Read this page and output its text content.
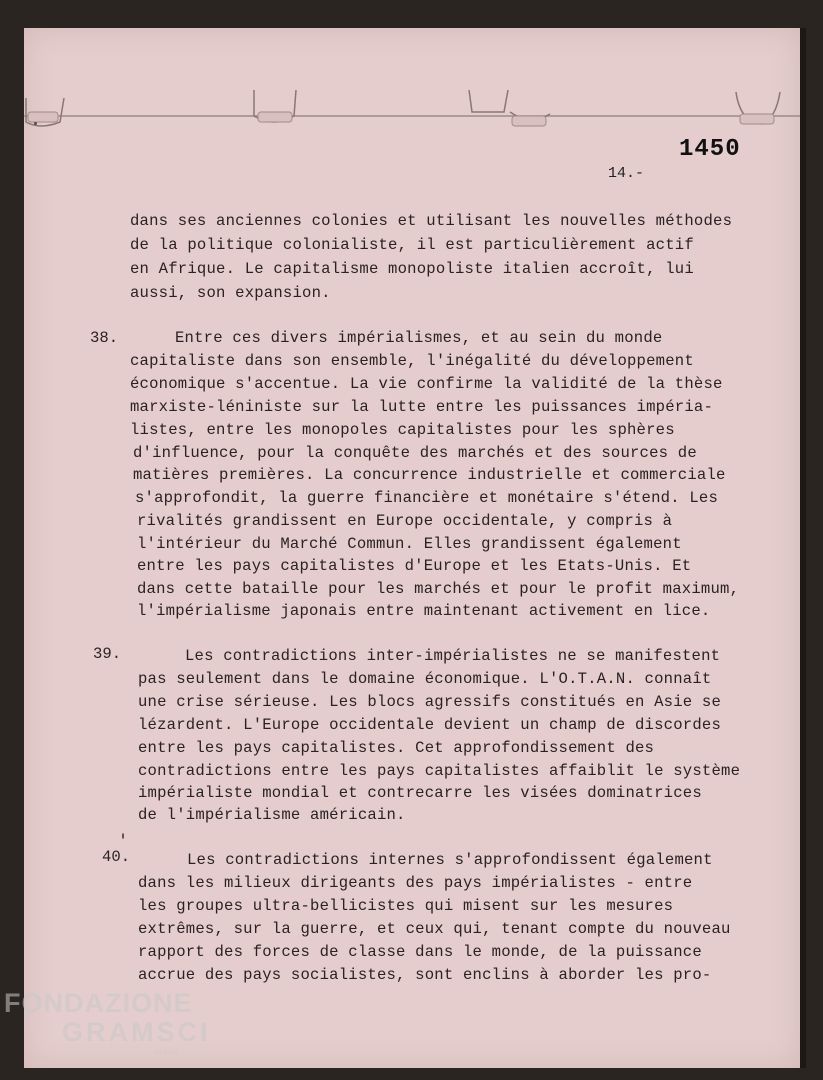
1450
14.-
dans ses anciennes colonies et utilisant les nouvelles méthodes
de la politique colonialiste, il est particulièrement actif
en Afrique. Le capitalisme monopoliste italien accroît, lui
aussi, son expansion.
38.	Entre ces divers impérialismes, et au sein du monde
capitaliste dans son ensemble, l'inégalité du développement
économique s'accentue. La vie confirme la validité de la thèse
marxiste-léniniste sur la lutte entre les puissances impéria-
listes, entre les monopoles capitalistes pour les sphères
d'influence, pour la conquête des marchés et des sources de
matières premières. La concurrence industrielle et commerciale
s'approfondit, la guerre financière et monétaire s'étend. Les
rivalités grandissent en Europe occidentale, y compris à
l'intérieur du Marché Commun. Elles grandissent également
entre les pays capitalistes d'Europe et les Etats-Unis. Et
dans cette bataille pour les marchés et pour le profit maximum,
l'impérialisme japonais entre maintenant activement en lice.
39.	Les contradictions inter-impérialistes ne se manifestent
pas seulement dans le domaine économique. L'O.T.A.N. connaît
une crise sérieuse. Les blocs agressifs constitués en Asie se
lézardent. L'Europe occidentale devient un champ de discordes
entre les pays capitalistes. Cet approfondissement des
contradictions entre les pays capitalistes affaiblit le système
impérialiste mondial et contrecarre les visées dominatrices
de l'impérialisme américain.
40.	Les contradictions internes s'approfondissent également
dans les milieux dirigeants des pays impérialistes - entre
les groupes ultra-bellicistes qui misent sur les mesures
extrêmes, sur la guerre, et ceux qui, tenant compte du nouveau
rapport des forces de classe dans le monde, de la puissance
accrue des pays socialistes, sont enclins à aborder les pro-
FONDAZIONE
GRAMSCI
onlus
